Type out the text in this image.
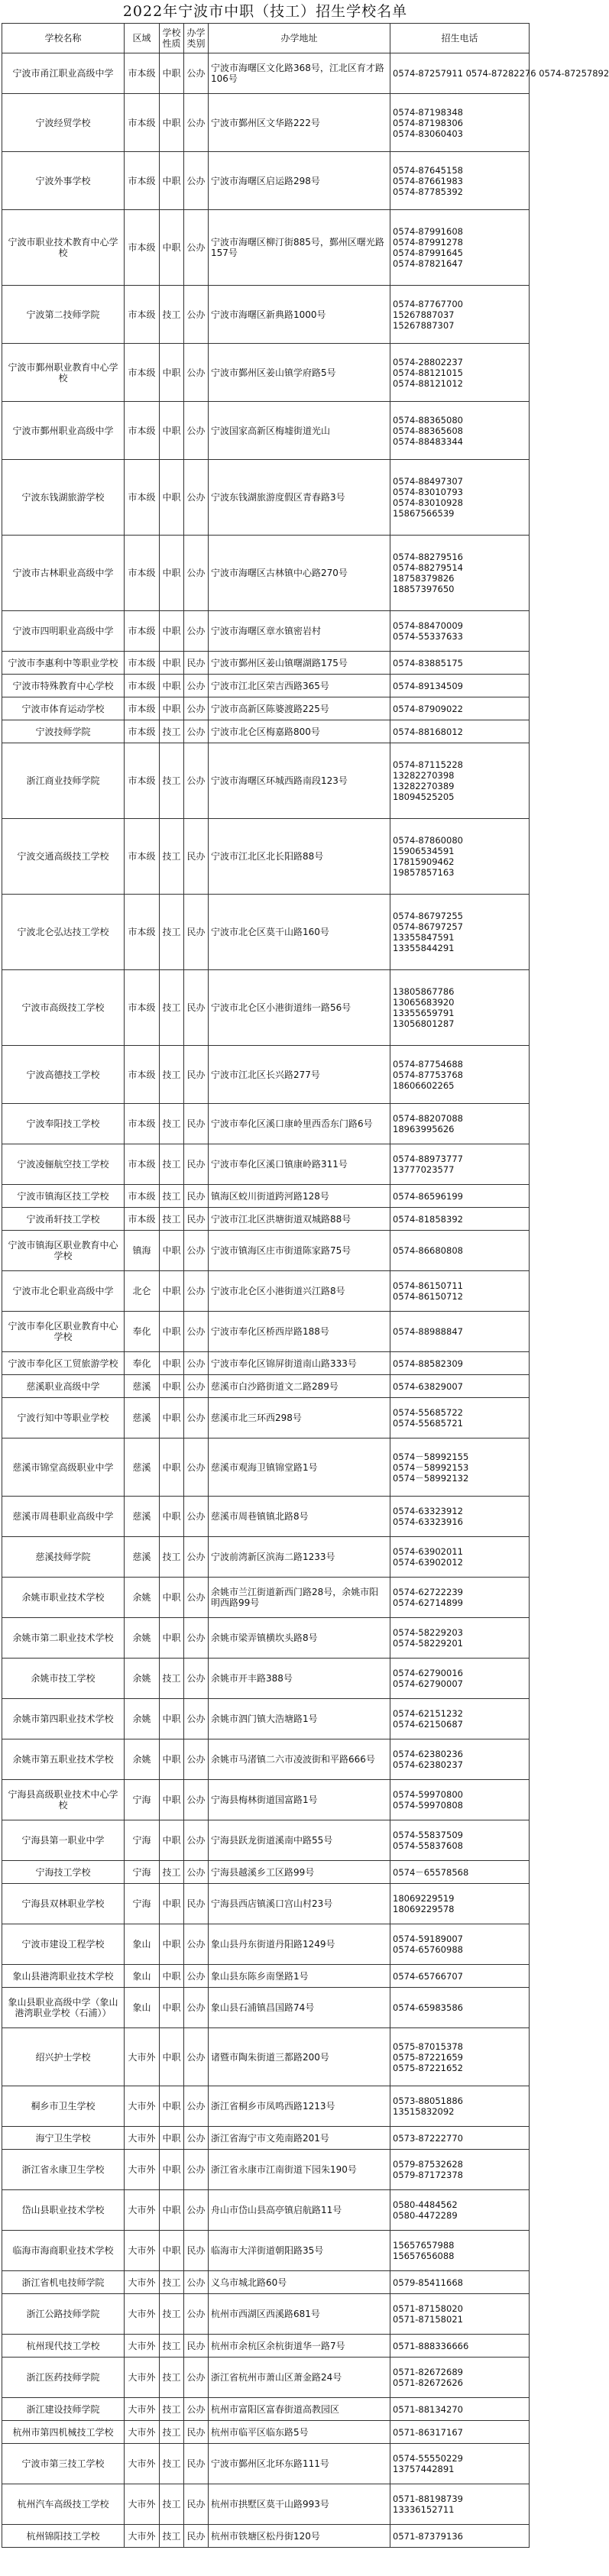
2022年宁波市中职（技工）招生学校名单
学校名称	区域	学校性质	办学类别	办学地址	招生电话
宁波市甬江职业高级中学	市本级	中职	公办	宁波市海曙区文化路368号，江北区育才路106号	0574-87257911 0574-87282276 0574-87257892

宁波经贸学校	市本级	中职	公办	宁波市鄞州区文华路222号	0574-87198348
0574-87198306
0574-83060403

宁波外事学校	市本级	中职	公办	宁波市海曙区启运路298号	0574-87645158
0574-87661983
0574-87785392

宁波市职业技术教育中心学校	市本级	中职	公办	宁波市海曙区柳汀街885号，鄞州区曙光路157号	0574-87991608
0574-87991278
0574-87991645
0574-87821647

宁波第二技师学院	市本级	技工	公办	宁波市海曙区新典路1000号	0574-87767700
15267887037
15267887307

宁波市鄞州职业教育中心学校	市本级	中职	公办	宁波市鄞州区姜山镇学府路5号	0574-28802237
0574-88121015
0574-88121012

宁波市鄞州职业高级中学	市本级	中职	公办	宁波国家高新区梅墟街道光山	0574-88365080
0574-88365608
0574-88483344

宁波东钱湖旅游学校	市本级	中职	公办	宁波东钱湖旅游度假区青春路3号	0574-88497307
0574-83010793
0574-83010928
15867566539

宁波市古林职业高级中学	市本级	中职	公办	宁波市海曙区古林镇中心路270号	0574-88279516
0574-88279514
18758379826
18857397650

宁波市四明职业高级中学	市本级	中职	公办	宁波市海曙区章水镇密岩村	0574-88470009
0574-55337633

宁波市李惠利中等职业学校	市本级	中职	民办	宁波市鄞州区姜山镇曙湖路175号	0574-83885175

宁波市特殊教育中心学校	市本级	中职	公办	宁波市江北区荣吉西路365号	0574-89134509

宁波市体育运动学校	市本级	中职	公办	宁波市高新区陈婆渡路225号	0574-87909022

宁波技师学院	市本级	技工	公办	宁波市北仑区梅嘉路800号	0574-88168012

浙江商业技师学院	市本级	技工	公办	宁波市海曙区环城西路南段123号	0574-87115228
13282270398
13282270389
18094525205

宁波交通高级技工学校	市本级	技工	民办	宁波市江北区北长阳路88号	0574-87860080
15906534591
17815909462
19857857163

宁波北仑弘达技工学校	市本级	技工	民办	宁波市北仑区莫干山路160号	0574-86797255
0574-86797257
13355847591
13355844291

宁波市高级技工学校	市本级	技工	民办	宁波市北仑区小港街道纬一路56号	13805867786
13065683920
13355659791
13056801287

宁波高德技工学校	市本级	技工	民办	宁波市江北区长兴路277号	0574-87754688
0574-87753768
18606602265

宁波奉阳技工学校	市本级	技工	民办	宁波市奉化区溪口康岭里西岙东门路6号	0574-88207088
18963995626

宁波凌俪航空技工学校	市本级	技工	民办	宁波市奉化区溪口镇康岭路311号	0574-88973777
13777023577

宁波市镇海区技工学校	市本级	技工	民办	镇海区蛟川街道跨河路128号	0574-86596199

宁波甬轩技工学校	市本级	技工	民办	宁波市江北区洪塘街道双城路88号	0574-81858392

宁波市镇海区职业教育中心学校	镇海	中职	公办	宁波市镇海区庄市街道陈家路75号	0574-86680808

宁波市北仑职业高级中学	北仑	中职	公办	宁波市北仑区小港街道兴江路8号	0574-86150711
0574-86150712

宁波市奉化区职业教育中心学校	奉化	中职	公办	宁波市奉化区桥西岸路188号	0574-88988847

宁波市奉化区工贸旅游学校	奉化	中职	公办	宁波市奉化区锦屏街道南山路333号	0574-88582309

慈溪职业高级中学	慈溪	中职	公办	慈溪市白沙路街道文二路289号	0574-63829007

宁波行知中等职业学校	慈溪	中职	公办	慈溪市北三环西298号	0574-55685722
0574-55685721

慈溪市锦堂高级职业中学	慈溪	中职	公办	慈溪市观海卫镇锦堂路1号	0574－58992155
0574－58992153
0574－58992132

慈溪市周巷职业高级中学	慈溪	中职	公办	慈溪市周巷镇镇北路8号	0574-63323912
0574-63323916

慈溪技师学院	慈溪	技工	公办	宁波前湾新区滨海二路1233号	0574-63902011
0574-63902012

余姚市职业技术学校	余姚	中职	公办	余姚市兰江街道新西门路28号，余姚市阳明西路99号	0574-62722239
0574-62714899

余姚市第二职业技术学校	余姚	中职	公办	余姚市梁弄镇横坎头路8号	0574-58229203
0574-58229201

余姚市技工学校	余姚	技工	公办	余姚市开丰路388号	0574-62790016
0574-62790007

余姚市第四职业技术学校	余姚	中职	公办	余姚市泗门镇大浩塘路1号	0574-62151232
0574-62150687

余姚市第五职业技术学校	余姚	中职	公办	余姚市马渚镇二六市凌波街和平路666号	0574-62380236
0574-62380237

宁海县高级职业技术中心学校	宁海	中职	公办	宁海县梅林街道国富路1号	0574-59970800
0574-59970808

宁海县第一职业中学	宁海	中职	公办	宁海县跃龙街道溪南中路55号	0574-55837509
0574-55837608

宁海技工学校	宁海	技工	公办	宁海县越溪乡工区路99号	0574－65578568

宁海县双林职业学校	宁海	中职	民办	宁海县西店镇溪口宫山村23号	18069229519
18069229578

宁波市建设工程学校	象山	中职	公办	象山县丹东街道丹阳路1249号	0574-59189007
0574-65760988

象山县港湾职业技术学校	象山	中职	公办	象山县东陈乡南堡路1号	0574-65766707

象山县职业高级中学（象山港湾职业学校（石浦））	象山	中职	公办	象山县石浦镇昌国路74号	0574-65983586

绍兴护士学校	大市外	中职	公办	诸暨市陶朱街道三都路200号	0575-87015378
0575-87221659
0575-87221652

桐乡市卫生学校	大市外	中职	公办	浙江省桐乡市凤鸣西路1213号	0573-88051886
13515832092

海宁卫生学校	大市外	中职	公办	浙江省海宁市文苑南路201号	0573-87222770

浙江省永康卫生学校	大市外	中职	公办	浙江省永康市江南街道下园朱190号	0579-87532628
0579-87172378

岱山县职业技术学校	大市外	中职	公办	舟山市岱山县高亭镇启航路11号	0580-4484562
0580-4472289

临海市海商职业技术学校	大市外	中职	民办	临海市大洋街道朝阳路35号	15657657988
15657656088

浙江省机电技师学院	大市外	技工	公办	义乌市城北路60号	0579-85411668

浙江公路技师学院	大市外	技工	公办	杭州市西湖区西溪路681号	0571-87158020
0571-87158021

杭州现代技工学校	大市外	技工	民办	杭州市余杭区余杭街道华一路7号	0571-888336666

浙江医药技师学院	大市外	技工	公办	浙江省杭州市萧山区萧金路24号	0571-82672689
0571-82672626

浙江建设技师学院	大市外	技工	公办	杭州市富阳区富春街道高教园区	0571-88134270

杭州市第四机械技工学校	大市外	技工	民办	杭州市临平区临东路5号	0571-86317167

宁波市第三技工学校	大市外	技工	民办	宁波市鄞州区北环东路111号	0574-55550229
13757442891

杭州汽车高级技工学校	大市外	技工	民办	杭州市拱墅区莫干山路993号	0571-88198739
13336152711

杭州锦阳技工学校	大市外	技工	民办	杭州市铁塘区松丹街120号	0571-87379136
